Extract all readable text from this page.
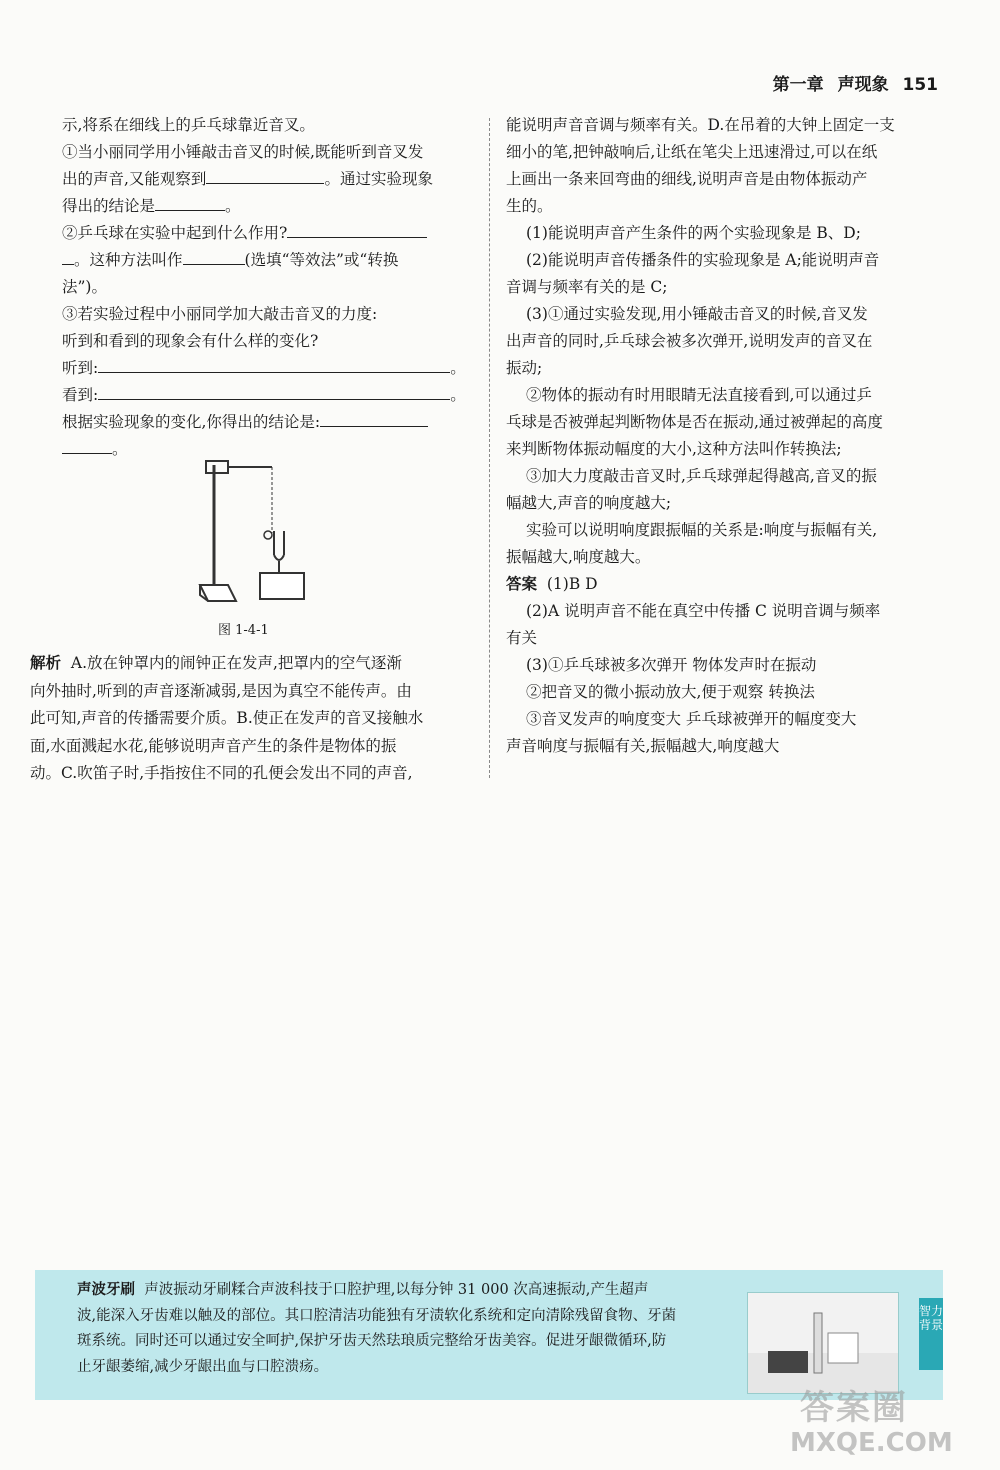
第一章 声现象 151
示,将系在细线上的乒乓球靠近音叉。
①当小丽同学用小锤敲击音叉的时候,既能听到音叉发
出的声音,又能观察到	。通过实验现象
得出的结论是	。
②乒乓球在实验中起到什么作用?
。这种方法叫作	(选填“等效法”或“转换
法”)。
③若实验过程中小丽同学加大敲击音叉的力度:
听到和看到的现象会有什么样的变化?
听到:	。
看到:	。
根据实验现象的变化,你得出的结论是:
。
图 1-4-1
解析 A.放在钟罩内的闹钟正在发声,把罩内的空气逐渐
向外抽时,听到的声音逐渐减弱,是因为真空不能传声。由
此可知,声音的传播需要介质。B.使正在发声的音叉接触水
面,水面溅起水花,能够说明声音产生的条件是物体的振
动。C.吹笛子时,手指按住不同的孔便会发出不同的声音,
能说明声音音调与频率有关。D.在吊着的大钟上固定一支
细小的笔,把钟敲响后,让纸在笔尖上迅速滑过,可以在纸
上画出一条来回弯曲的细线,说明声音是由物体振动产
生的。
(1)能说明声音产生条件的两个实验现象是 B、D;
(2)能说明声音传播条件的实验现象是 A;能说明声音
音调与频率有关的是 C;
(3)①通过实验发现,用小锤敲击音叉的时候,音叉发
出声音的同时,乒乓球会被多次弹开,说明发声的音叉在
振动;
②物体的振动有时用眼睛无法直接看到,可以通过乒
乓球是否被弹起判断物体是否在振动,通过被弹起的高度
来判断物体振动幅度的大小,这种方法叫作转换法;
③加大力度敲击音叉时,乒乓球弹起得越高,音叉的振
幅越大,声音的响度越大;
实验可以说明响度跟振幅的关系是:响度与振幅有关,
振幅越大,响度越大。
答案 (1)B D
(2)A 说明声音不能在真空中传播 C 说明音调与频率
有关
(3)①乒乓球被多次弹开 物体发声时在振动
②把音叉的微小振动放大,便于观察 转换法
③音叉发声的响度变大 乒乓球被弹开的幅度变大
声音响度与振幅有关,振幅越大,响度越大
声波牙刷 声波振动牙刷糅合声波科技于口腔护理,以每分钟 31 000 次高速振动,产生超声
波,能深入牙齿难以触及的部位。其口腔清洁功能独有牙渍软化系统和定向清除残留食物、牙菌
斑系统。同时还可以通过安全呵护,保护牙齿天然珐琅质完整给牙齿美容。促进牙龈微循环,防
止牙龈萎缩,减少牙龈出血与口腔溃疡。
智力背景
答案圈
MXQE.COM
